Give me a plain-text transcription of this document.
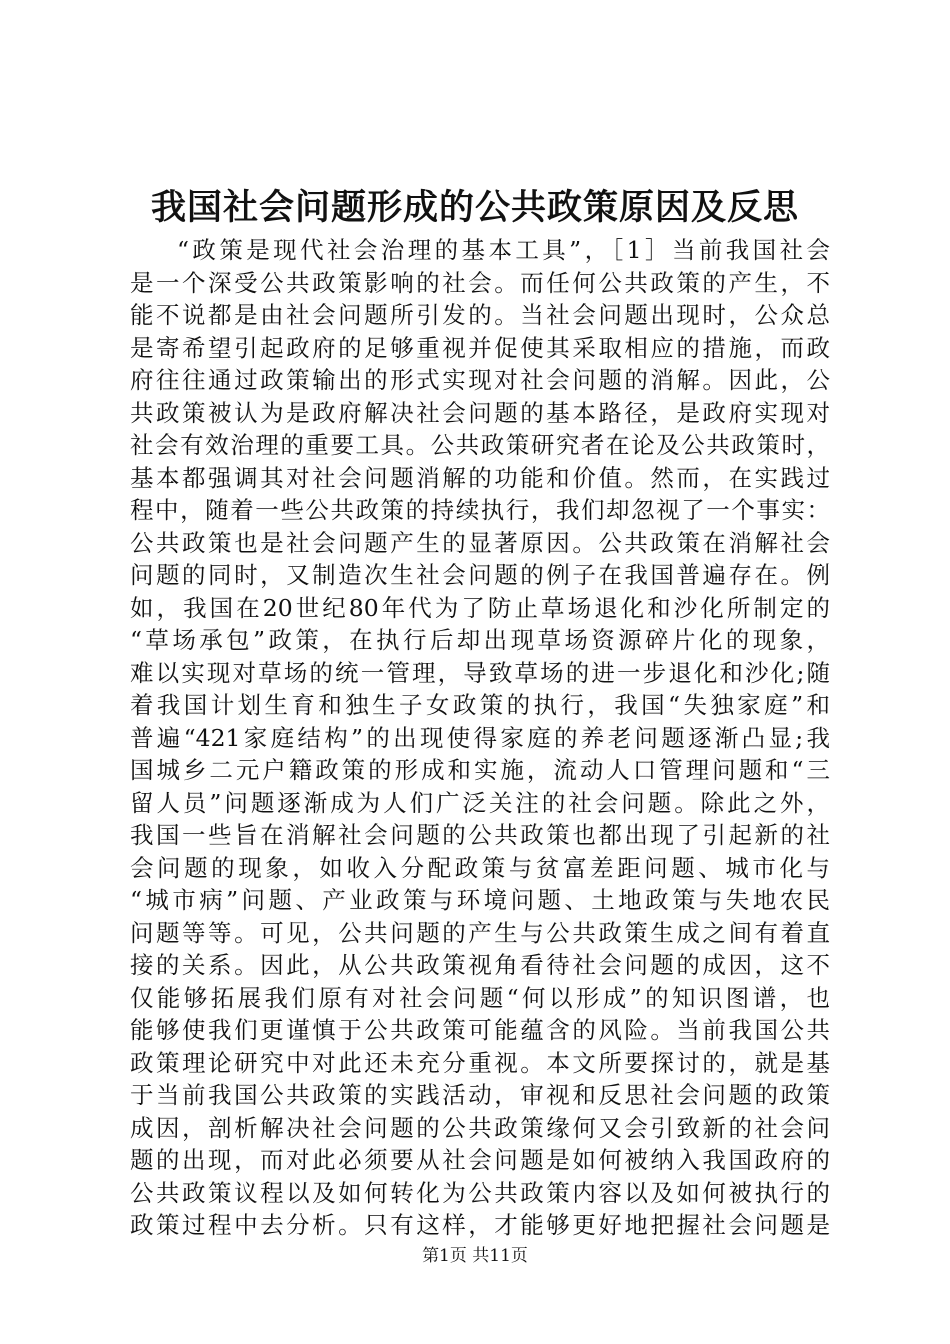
我国社会问题形成的公共政策原因及反思
“政策是现代社会治理的基本工具”，［1］当前我国社会
是一个深受公共政策影响的社会。而任何公共政策的产生，不
能不说都是由社会问题所引发的。当社会问题出现时，公众总
是寄希望引起政府的足够重视并促使其采取相应的措施，而政
府往往通过政策输出的形式实现对社会问题的消解。因此，公
共政策被认为是政府解决社会问题的基本路径，是政府实现对
社会有效治理的重要工具。公共政策研究者在论及公共政策时，
基本都强调其对社会问题消解的功能和价值。然而，在实践过
程中，随着一些公共政策的持续执行，我们却忽视了一个事实：
公共政策也是社会问题产生的显著原因。公共政策在消解社会
问题的同时，又制造次生社会问题的例子在我国普遍存在。例
如，我国在20世纪80年代为了防止草场退化和沙化所制定的
“草场承包”政策，在执行后却出现草场资源碎片化的现象，
难以实现对草场的统一管理，导致草场的进一步退化和沙化;随
着我国计划生育和独生子女政策的执行，我国“失独家庭”和
普遍“421家庭结构”的出现使得家庭的养老问题逐渐凸显;我
国城乡二元户籍政策的形成和实施，流动人口管理问题和“三
留人员”问题逐渐成为人们广泛关注的社会问题。除此之外，
我国一些旨在消解社会问题的公共政策也都出现了引起新的社
会问题的现象，如收入分配政策与贫富差距问题、城市化与
“城市病”问题、产业政策与环境问题、土地政策与失地农民
问题等等。可见，公共问题的产生与公共政策生成之间有着直
接的关系。因此，从公共政策视角看待社会问题的成因，这不
仅能够拓展我们原有对社会问题“何以形成”的知识图谱，也
能够使我们更谨慎于公共政策可能蕴含的风险。当前我国公共
政策理论研究中对此还未充分重视。本文所要探讨的，就是基
于当前我国公共政策的实践活动，审视和反思社会问题的政策
成因，剖析解决社会问题的公共政策缘何又会引致新的社会问
题的出现，而对此必须要从社会问题是如何被纳入我国政府的
公共政策议程以及如何转化为公共政策内容以及如何被执行的
政策过程中去分析。只有这样，才能够更好地把握社会问题是
第1页 共11页
